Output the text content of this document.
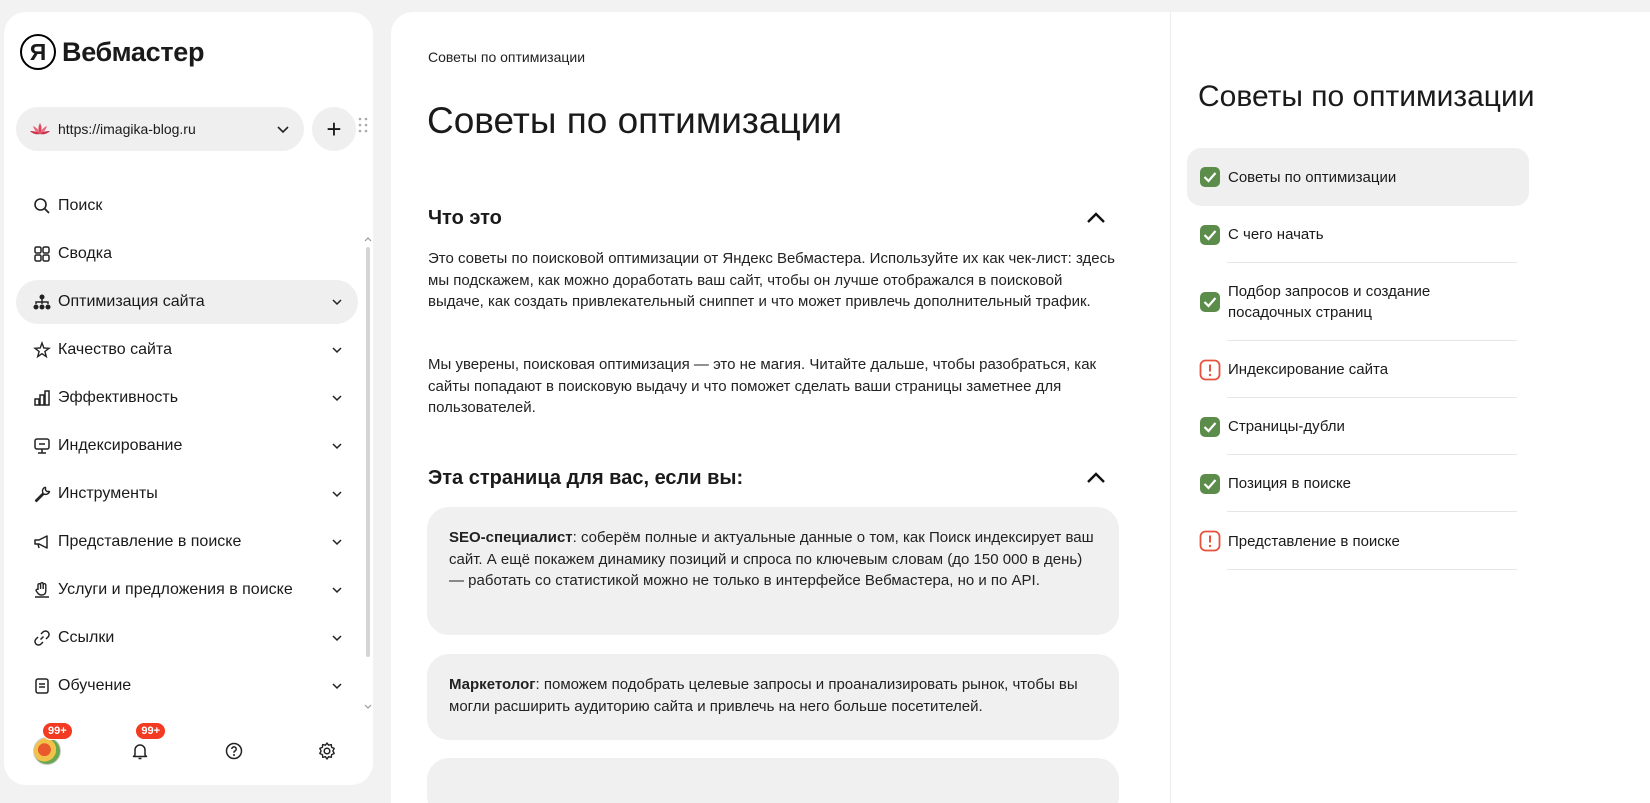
Я Вебмастер
https://imagika-blog.ru	+
Поиск
Сводка
Оптимизация сайта
Качество сайта
Эффективность
Индексирование
Инструменты
Представление в поиске
Услуги и предложения в поиске
Ссылки
Обучение
99+	99+
Советы по оптимизации
Советы по оптимизации
Что это

Это советы по поисковой оптимизации от Яндекс Вебмастера. Используйте их как чек-лист: здесь мы подскажем, как можно доработать ваш сайт, чтобы он лучше отображался в поисковой выдаче, как создать привлекательный сниппет и что может привлечь дополнительный трафик.

Мы уверены, поисковая оптимизация — это не магия. Читайте дальше, чтобы разобраться, как сайты попадают в поисковую выдачу и что поможет сделать ваши страницы заметнее для пользователей.

Эта страница для вас, если вы:
SEO-специалист: соберём полные и актуальные данные о том, как Поиск индексирует ваш сайт. А ещё покажем динамику позиций и спроса по ключевым словам (до 150 000 в день) — работать со статистикой можно не только в интерфейсе Вебмастера, но и по API.
Маркетолог: поможем подобрать целевые запросы и проанализировать рынок, чтобы вы могли расширить аудиторию сайта и привлечь на него больше посетителей.
Советы по оптимизации
Советы по оптимизации
С чего начать
Подбор запросов и создание посадочных страниц
Индексирование сайта
Страницы-дубли
Позиция в поиске
Представление в поиске
